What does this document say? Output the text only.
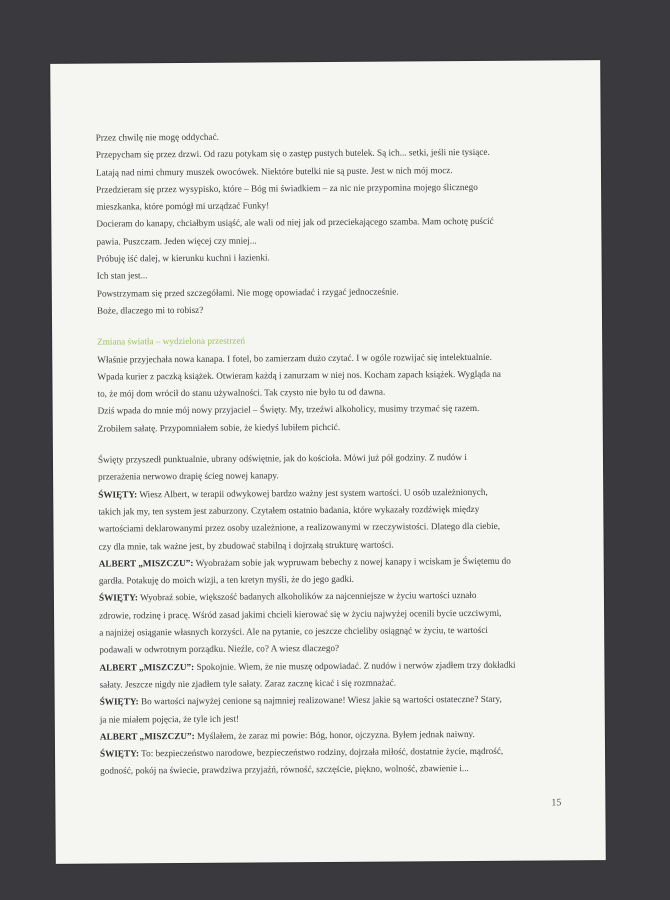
Przez chwilę nie mogę oddychać.
Przepycham się przez drzwi. Od razu potykam się o zastęp pustych butelek. Są ich... setki, jeśli nie tysiące.
Latają nad nimi chmury muszek owocówek. Niektóre butelki nie są puste. Jest w nich mój mocz.
Przedzieram się przez wysypisko, które – Bóg mi świadkiem – za nic nie przypomina mojego ślicznego
mieszkanka, które pomógł mi urządzać Funky!
Docieram do kanapy, chciałbym usiąść, ale wali od niej jak od przeciekającego szamba. Mam ochotę puścić
pawia. Puszczam. Jeden więcej czy mniej...
Próbuję iść dalej, w kierunku kuchni i łazienki.
Ich stan jest...
Powstrzymam się przed szczegółami. Nie mogę opowiadać i rzygać jednocześnie.
Boże, dlaczego mi to robisz?
Zmiana światła – wydzielona przestrzeń
Właśnie przyjechała nowa kanapa. I fotel, bo zamierzam dużo czytać. I w ogóle rozwijać się intelektualnie.
Wpada kurier z paczką książek. Otwieram każdą i zanurzam w niej nos. Kocham zapach książek. Wygląda na
to, że mój dom wrócił do stanu używalności. Tak czysto nie było tu od dawna.
Dziś wpada do mnie mój nowy przyjaciel – Święty. My, trzeźwi alkoholicy, musimy trzymać się razem.
Zrobiłem sałatę. Przypomniałem sobie, że kiedyś lubiłem pichcić.
Święty przyszedł punktualnie, ubrany odświętnie, jak do kościoła. Mówi już pół godziny. Z nudów i
przerażenia nerwowo drapię ścieg nowej kanapy.
ŚWIĘTY: Wiesz Albert, w terapii odwykowej bardzo ważny jest system wartości. U osób uzależnionych,
takich jak my, ten system jest zaburzony. Czytałem ostatnio badania, które wykazały rozdźwięk między
wartościami deklarowanymi przez osoby uzależnione, a realizowanymi w rzeczywistości. Dlatego dla ciebie,
czy dla mnie, tak ważne jest, by zbudować stabilną i dojrzałą strukturę wartości.
ALBERT „MISZCZU”: Wyobrażam sobie jak wypruwam bebechy z nowej kanapy i wciskam je Świętemu do
gardła. Potakuję do moich wizji, a ten kretyn myśli, że do jego gadki.
ŚWIĘTY: Wyobraź sobie, większość badanych alkoholików za najcenniejsze w życiu wartości uznało
zdrowie, rodzinę i pracę. Wśród zasad jakimi chcieli kierować się w życiu najwyżej ocenili bycie uczciwymi,
a najniżej osiąganie własnych korzyści. Ale na pytanie, co jeszcze chcieliby osiągnąć w życiu, te wartości
podawali w odwrotnym porządku. Nieźle, co? A wiesz dlaczego?
ALBERT „MISZCZU”: Spokojnie. Wiem, że nie muszę odpowiadać. Z nudów i nerwów zjadłem trzy dokładki
sałaty. Jeszcze nigdy nie zjadłem tyle sałaty. Zaraz zacznę kicać i się rozmnażać.
ŚWIĘTY: Bo wartości najwyżej cenione są najmniej realizowane! Wiesz jakie są wartości ostateczne? Stary,
ja nie miałem pojęcia, że tyle ich jest!
ALBERT „MISZCZU”: Myślałem, że zaraz mi powie: Bóg, honor, ojczyzna. Byłem jednak naiwny.
ŚWIĘTY: To: bezpieczeństwo narodowe, bezpieczeństwo rodziny, dojrzała miłość, dostatnie życie, mądrość,
godność, pokój na świecie, prawdziwa przyjaźń, równość, szczęście, piękno, wolność, zbawienie i...
15
